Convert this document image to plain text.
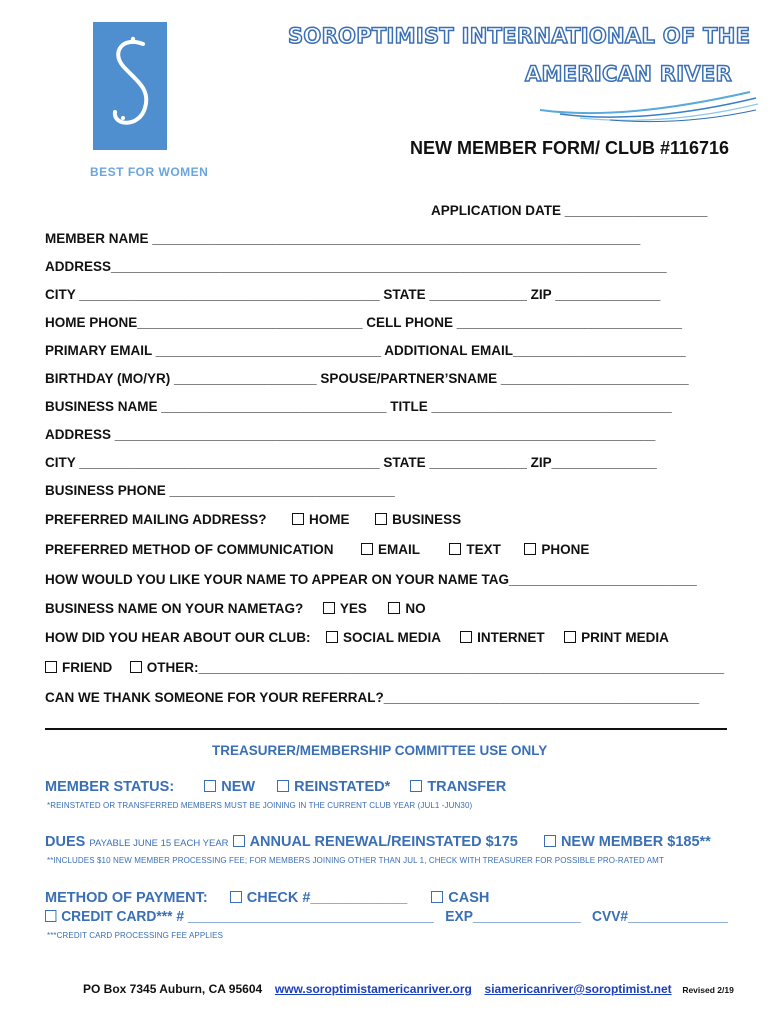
BEST FOR WOMEN
SOROPTIMIST INTERNATIONAL OF THE
AMERICAN RIVER
NEW MEMBER FORM/ CLUB #116716
APPLICATION DATE ___________________
MEMBER NAME _________________________________________________________________
ADDRESS__________________________________________________________________________
CITY ________________________________________ STATE _____________ ZIP ______________
HOME PHONE______________________________ CELL PHONE ______________________________
PRIMARY EMAIL ______________________________ ADDITIONAL EMAIL_______________________
BIRTHDAY (MO/YR) ___________________ SPOUSE/PARTNER’SNAME _________________________
BUSINESS NAME ______________________________ TITLE ________________________________
ADDRESS ________________________________________________________________________
CITY ________________________________________ STATE _____________ ZIP______________
BUSINESS PHONE ______________________________
PREFERRED MAILING ADDRESS?	HOME	BUSINESS
PREFERRED METHOD OF COMMUNICATION	EMAIL	TEXT	PHONE
HOW WOULD YOU LIKE YOUR NAME TO APPEAR ON YOUR NAME TAG_________________________
BUSINESS NAME ON YOUR NAMETAG?	YES	NO
HOW DID YOU HEAR ABOUT OUR CLUB: SOCIAL MEDIA	INTERNET	PRINT MEDIA
FRIEND	OTHER:______________________________________________________________________
CAN WE THANK SOMEONE FOR YOUR REFERRAL?__________________________________________
TREASURER/MEMBERSHIP COMMITTEE USE ONLY
MEMBER STATUS:	NEW	REINSTATED*	TRANSFER
*REINSTATED OR TRANSFERRED MEMBERS MUST BE JOINING IN THE CURRENT CLUB YEAR (JUL1 -JUN30)
DUES PAYABLE JUNE 15 EACH YEAR ANNUAL RENEWAL/REINSTATED $175	NEW MEMBER $185**
**INCLUDES $10 NEW MEMBER PROCESSING FEE; FOR MEMBERS JOINING OTHER THAN JUL 1, CHECK WITH TREASURER FOR POSSIBLE PRO-RATED AMT
METHOD OF PAYMENT:	CHECK #____________	CASH
CREDIT CARD*** # ________________________________ EXP______________ CVV#_____________
***CREDIT CARD PROCESSING FEE APPLIES
PO Box 7345 Auburn, CA 95604 www.soroptimistamericanriver.org siamericanriver@soroptimist.net Revised 2/19
